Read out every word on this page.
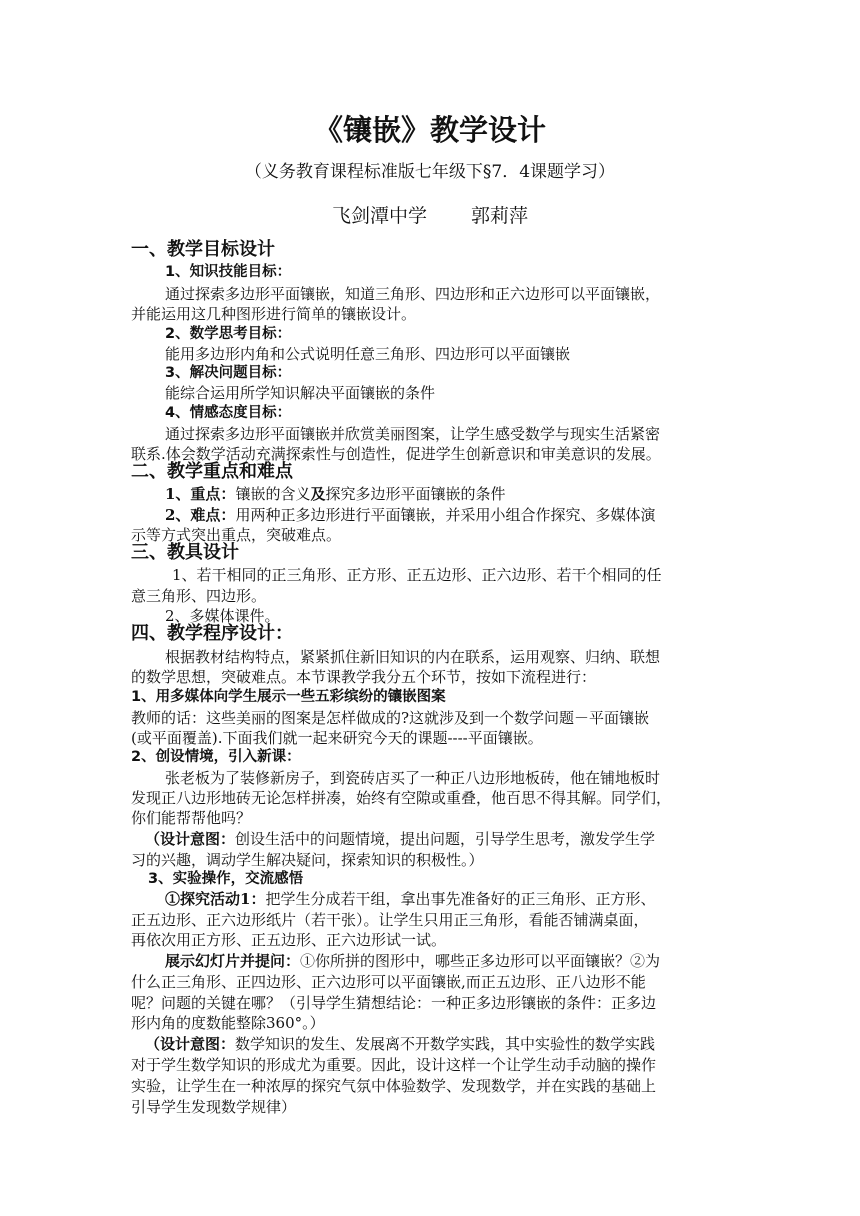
《镶嵌》教学设计
（义务教育课程标准版七年级下§7．4课题学习）
飞剑潭中学 郭莉萍
一、教学目标设计
1、知识技能目标：
通过探索多边形平面镶嵌，知道三角形、四边形和正六边形可以平面镶嵌，
并能运用这几种图形进行简单的镶嵌设计。
2、数学思考目标：
能用多边形内角和公式说明任意三角形、四边形可以平面镶嵌
3、解决问题目标：
能综合运用所学知识解决平面镶嵌的条件
4、情感态度目标：
通过探索多边形平面镶嵌并欣赏美丽图案，让学生感受数学与现实生活紧密
联系.体会数学活动充满探索性与创造性，促进学生创新意识和审美意识的发展。
二、教学重点和难点
1、重点：镶嵌的含义及探究多边形平面镶嵌的条件
2、难点：用两种正多边形进行平面镶嵌，并采用小组合作探究、多媒体演
示等方式突出重点，突破难点。
三、教具设计
1、若干相同的正三角形、正方形、正五边形、正六边形、若干个相同的任
意三角形、四边形。
2、多媒体课件。
四、教学程序设计：
根据教材结构特点，紧紧抓住新旧知识的内在联系，运用观察、归纳、联想
的数学思想，突破难点。本节课教学我分五个环节，按如下流程进行：
1、用多媒体向学生展示一些五彩缤纷的镶嵌图案
教师的话：这些美丽的图案是怎样做成的?这就涉及到一个数学问题－平面镶嵌
(或平面覆盖).下面我们就一起来研究今天的课题----平面镶嵌。
2、创设情境，引入新课：
张老板为了装修新房子，到瓷砖店买了一种正八边形地板砖，他在铺地板时
发现正八边形地砖无论怎样拼凑，始终有空隙或重叠，他百思不得其解。同学们，
你们能帮帮他吗？
（设计意图：创设生活中的问题情境，提出问题，引导学生思考，激发学生学
习的兴趣，调动学生解决疑问，探索知识的积极性。）
3、实验操作，交流感悟
①探究活动1：把学生分成若干组，拿出事先准备好的正三角形、正方形、
正五边形、正六边形纸片（若干张）。让学生只用正三角形，看能否铺满桌面，
再依次用正方形、正五边形、正六边形试一试。
展示幻灯片并提问：①你所拼的图形中，哪些正多边形可以平面镶嵌？②为
什么正三角形、正四边形、正六边形可以平面镶嵌,而正五边形、正八边形不能
呢？问题的关键在哪？（引导学生猜想结论：一种正多边形镶嵌的条件：正多边
形内角的度数能整除360°。）
（设计意图：数学知识的发生、发展离不开数学实践，其中实验性的数学实践
对于学生数学知识的形成尤为重要。因此，设计这样一个让学生动手动脑的操作
实验，让学生在一种浓厚的探究气氛中体验数学、发现数学，并在实践的基础上
引导学生发现数学规律）
